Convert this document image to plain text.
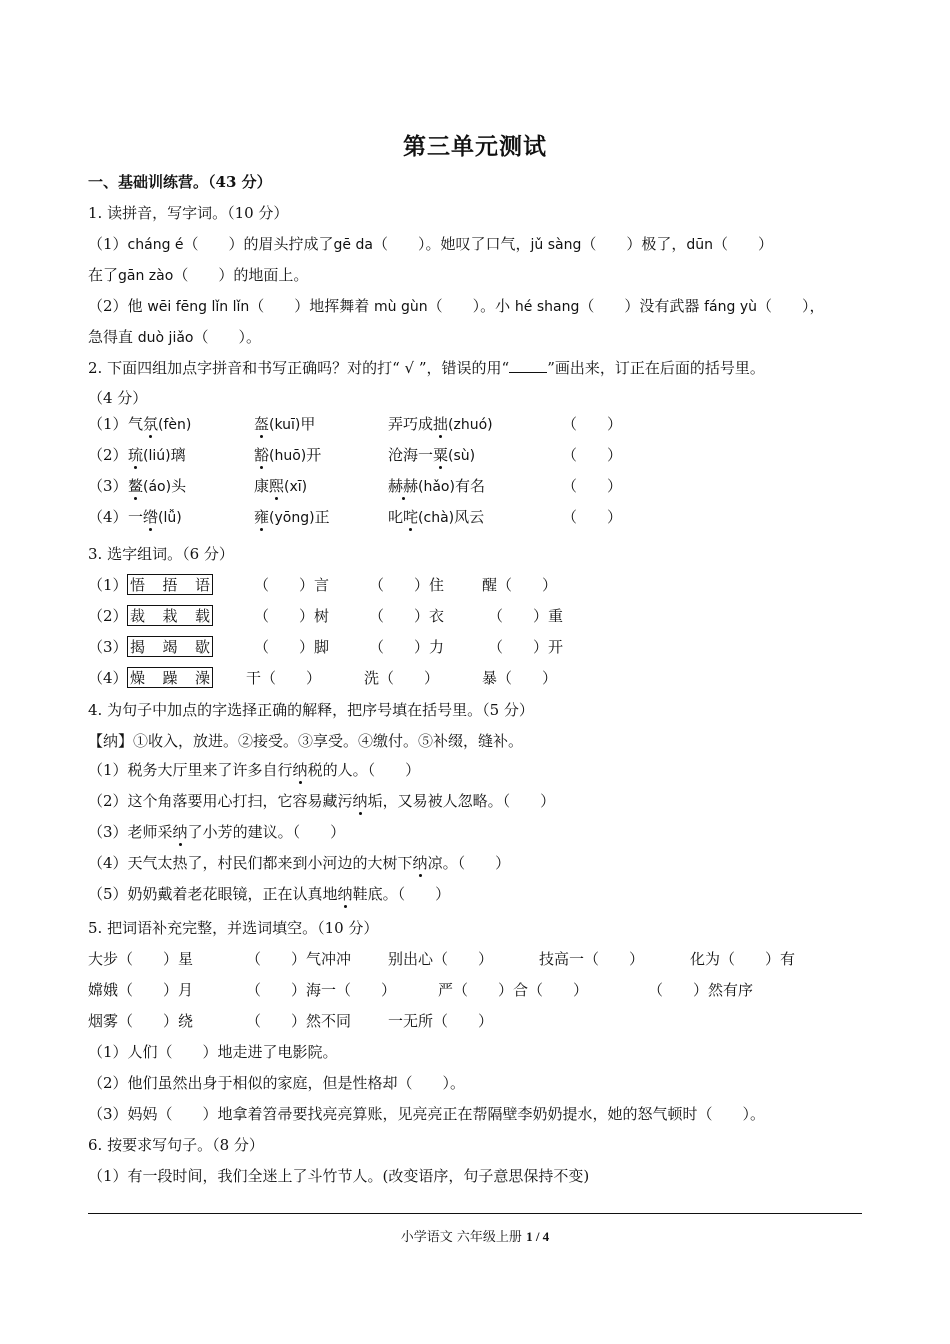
第三单元测试
一、基础训练营。（43 分）
1. 读拼音，写字词。（10 分）
（1）cháng é（　　）的眉头拧成了gē da（　　）。她叹了口气，jǔ sàng（　　）极了，dūn（　　）
在了gān zào（　　）的地面上。
（2）他 wēi fēng lǐn lǐn（　　）地挥舞着 mù gùn（　　）。小 hé shang（　　）没有武器 fáng yù（　　），
急得直 duò jiǎo（　　）。
2. 下面四组加点字拼音和书写正确吗？对的打“ √ ”，错误的用“	”画出来，订正在后面的括号里。
（4 分）
（1） 气氛(fèn)	盔(kuī)甲	弄巧成拙(zhuó)	（　　）
（2） 琉(liú)璃	豁(huō)开	沧海一粟(sù)	（　　）
（3） 鳌(áo)头	康熙(xī)	赫赫(hǎo)有名	（　　）
（4） 一绺(lǚ)	雍(yōng)正	叱咤(chà)风云	（　　）
3. 选字组词。（6 分）
（1） 悟 捂 语	（　　）言	（　　）住	醒（　　）
（2） 裁 栽 载	（　　）树	（　　）衣	（　　）重
（3） 揭 竭 歇	（　　）脚	（　　）力	（　　）开
（4） 燥 躁 澡 干（　　）	洗（　　）	暴（　　）
4. 为句子中加点的字选择正确的解释，把序号填在括号里。（5 分）
【纳】①收入，放进。②接受。③享受。④缴付。⑤补缀，缝补。
（1）税务大厅里来了许多自行纳税的人。（　　）
（2）这个角落要用心打扫，它容易藏污纳垢，又易被人忽略。（　　）
（3）老师采纳了小芳的建议。（　　）
（4）天气太热了，村民们都来到小河边的大树下纳凉。（　　）
（5）奶奶戴着老花眼镜，正在认真地纳鞋底。（　　）
5. 把词语补充完整，并选词填空。（10 分）
大步（　　）星	（　　）气冲冲 别出心（　　）	技高一（　　）	化为（　　）有
嫦娥（　　）月	（　　）海一（　　）	严（　　）合（　　）	（　　）然有序
烟雾（　　）绕	（　　）然不同 一无所（　　）
（1）人们（　　）地走进了电影院。
（2）他们虽然出身于相似的家庭，但是性格却（　　）。
（3）妈妈（　　）地拿着笤帚要找亮亮算账，见亮亮正在帮隔壁李奶奶提水，她的怒气顿时（　　）。
6. 按要求写句子。（8 分）
（1）有一段时间，我们全迷上了斗竹节人。(改变语序，句子意思保持不变)
小学语文 六年级上册 1 / 4
